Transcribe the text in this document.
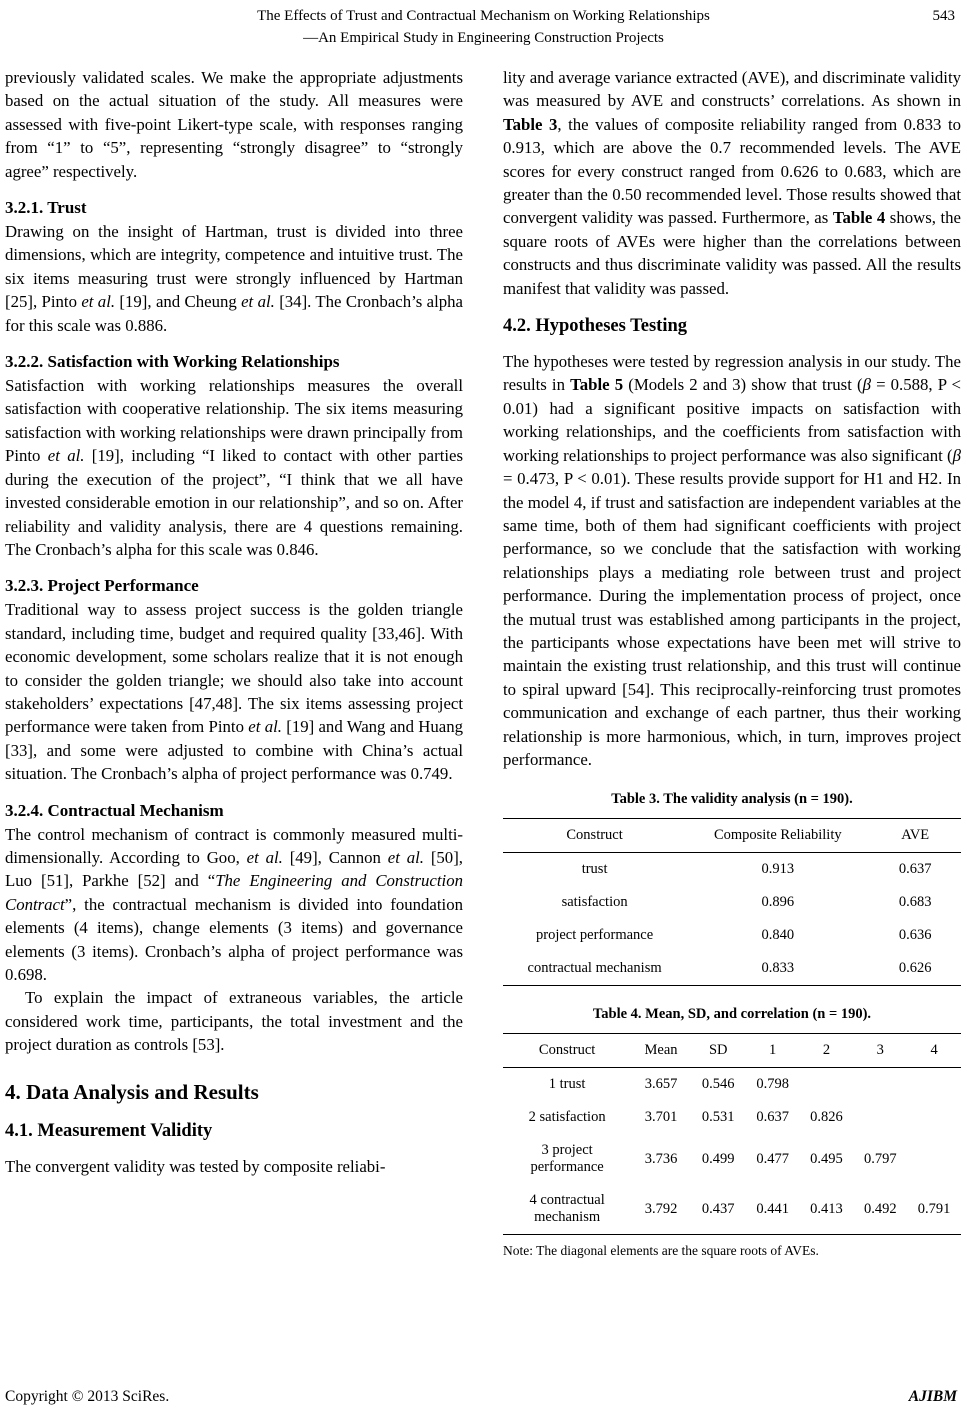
The Effects of Trust and Contractual Mechanism on Working Relationships
—An Empirical Study in Engineering Construction Projects
543

previously validated scales. We make the appropriate adjustments based on the actual situation of the study. All measures were assessed with five-point Likert-type scale, with responses ranging from “1” to “5”, representing “strongly disagree” to “strongly agree” respectively.

3.2.1. Trust

Drawing on the insight of Hartman, trust is divided into three dimensions, which are integrity, competence and intuitive trust. The six items measuring trust were strongly influenced by Hartman [25], Pinto et al. [19], and Cheung et al. [34]. The Cronbach’s alpha for this scale was 0.886.

3.2.2. Satisfaction with Working Relationships

Satisfaction with working relationships measures the overall satisfaction with cooperative relationship. The six items measuring satisfaction with working relationships were drawn principally from Pinto et al. [19], including “I liked to contact with other parties during the execution of the project”, “I think that we all have invested considerable emotion in our relationship”, and so on. After reliability and validity analysis, there are 4 questions remaining. The Cronbach’s alpha for this scale was 0.846.

3.2.3. Project Performance

Traditional way to assess project success is the golden triangle standard, including time, budget and required quality [33,46]. With economic development, some scholars realize that it is not enough to consider the golden triangle; we should also take into account stakeholders’ expectations [47,48]. The six items assessing project performance were taken from Pinto et al. [19] and Wang and Huang [33], and some were adjusted to combine with China’s actual situation. The Cronbach’s alpha of project performance was 0.749.

3.2.4. Contractual Mechanism

The control mechanism of contract is commonly measured multi-dimensionally. According to Goo, et al. [49], Cannon et al. [50], Luo [51], Parkhe [52] and “The Engineering and Construction Contract”, the contractual mechanism is divided into foundation elements (4 items), change elements (3 items) and governance elements (3 items). Cronbach’s alpha of project performance was 0.698.

To explain the impact of extraneous variables, the article considered work time, participants, the total investment and the project duration as controls [53].

4. Data Analysis and Results
4.1. Measurement Validity

The convergent validity was tested by composite reliabi-

lity and average variance extracted (AVE), and discriminate validity was measured by AVE and constructs’ correlations. As shown in Table 3, the values of composite reliability ranged from 0.833 to 0.913, which are above the 0.7 recommended levels. The AVE scores for every construct ranged from 0.626 to 0.683, which are greater than the 0.50 recommended level. Those results showed that convergent validity was passed. Furthermore, as Table 4 shows, the square roots of AVEs were higher than the correlations between constructs and thus discriminate validity was passed. All the results manifest that validity was passed.

4.2. Hypotheses Testing

The hypotheses were tested by regression analysis in our study. The results in Table 5 (Models 2 and 3) show that trust (β = 0.588, P < 0.01) had a significant positive impacts on satisfaction with working relationships, and the coefficients from satisfaction with working relationships to project performance was also significant (β = 0.473, P < 0.01). These results provide support for H1 and H2. In the model 4, if trust and satisfaction are independent variables at the same time, both of them had significant coefficients with project performance, so we conclude that the satisfaction with working relationships plays a mediating role between trust and project performance. During the implementation process of project, once the mutual trust was established among participants in the project, the participants whose expectations have been met will strive to maintain the existing trust relationship, and this trust will continue to spiral upward [54]. This reciprocally-reinforcing trust promotes communication and exchange of each partner, thus their working relationship is more harmonious, which, in turn, improves project performance.

Table 3. The validity analysis (n = 190).
Construct	Composite Reliability	AVE
trust	0.913	0.637
satisfaction	0.896	0.683
project performance	0.840	0.636
contractual mechanism	0.833	0.626
Table 4. Mean, SD, and correlation (n = 190).
Construct	Mean	SD	1	2	3	4
1 trust	3.657	0.546	0.798			
2 satisfaction	3.701	0.531	0.637	0.826		
3 project performance	3.736	0.499	0.477	0.495	0.797	
4 contractual mechanism	3.792	0.437	0.441	0.413	0.492	0.791
Note: The diagonal elements are the square roots of AVEs.
Copyright © 2013 SciRes.	AJIBM
